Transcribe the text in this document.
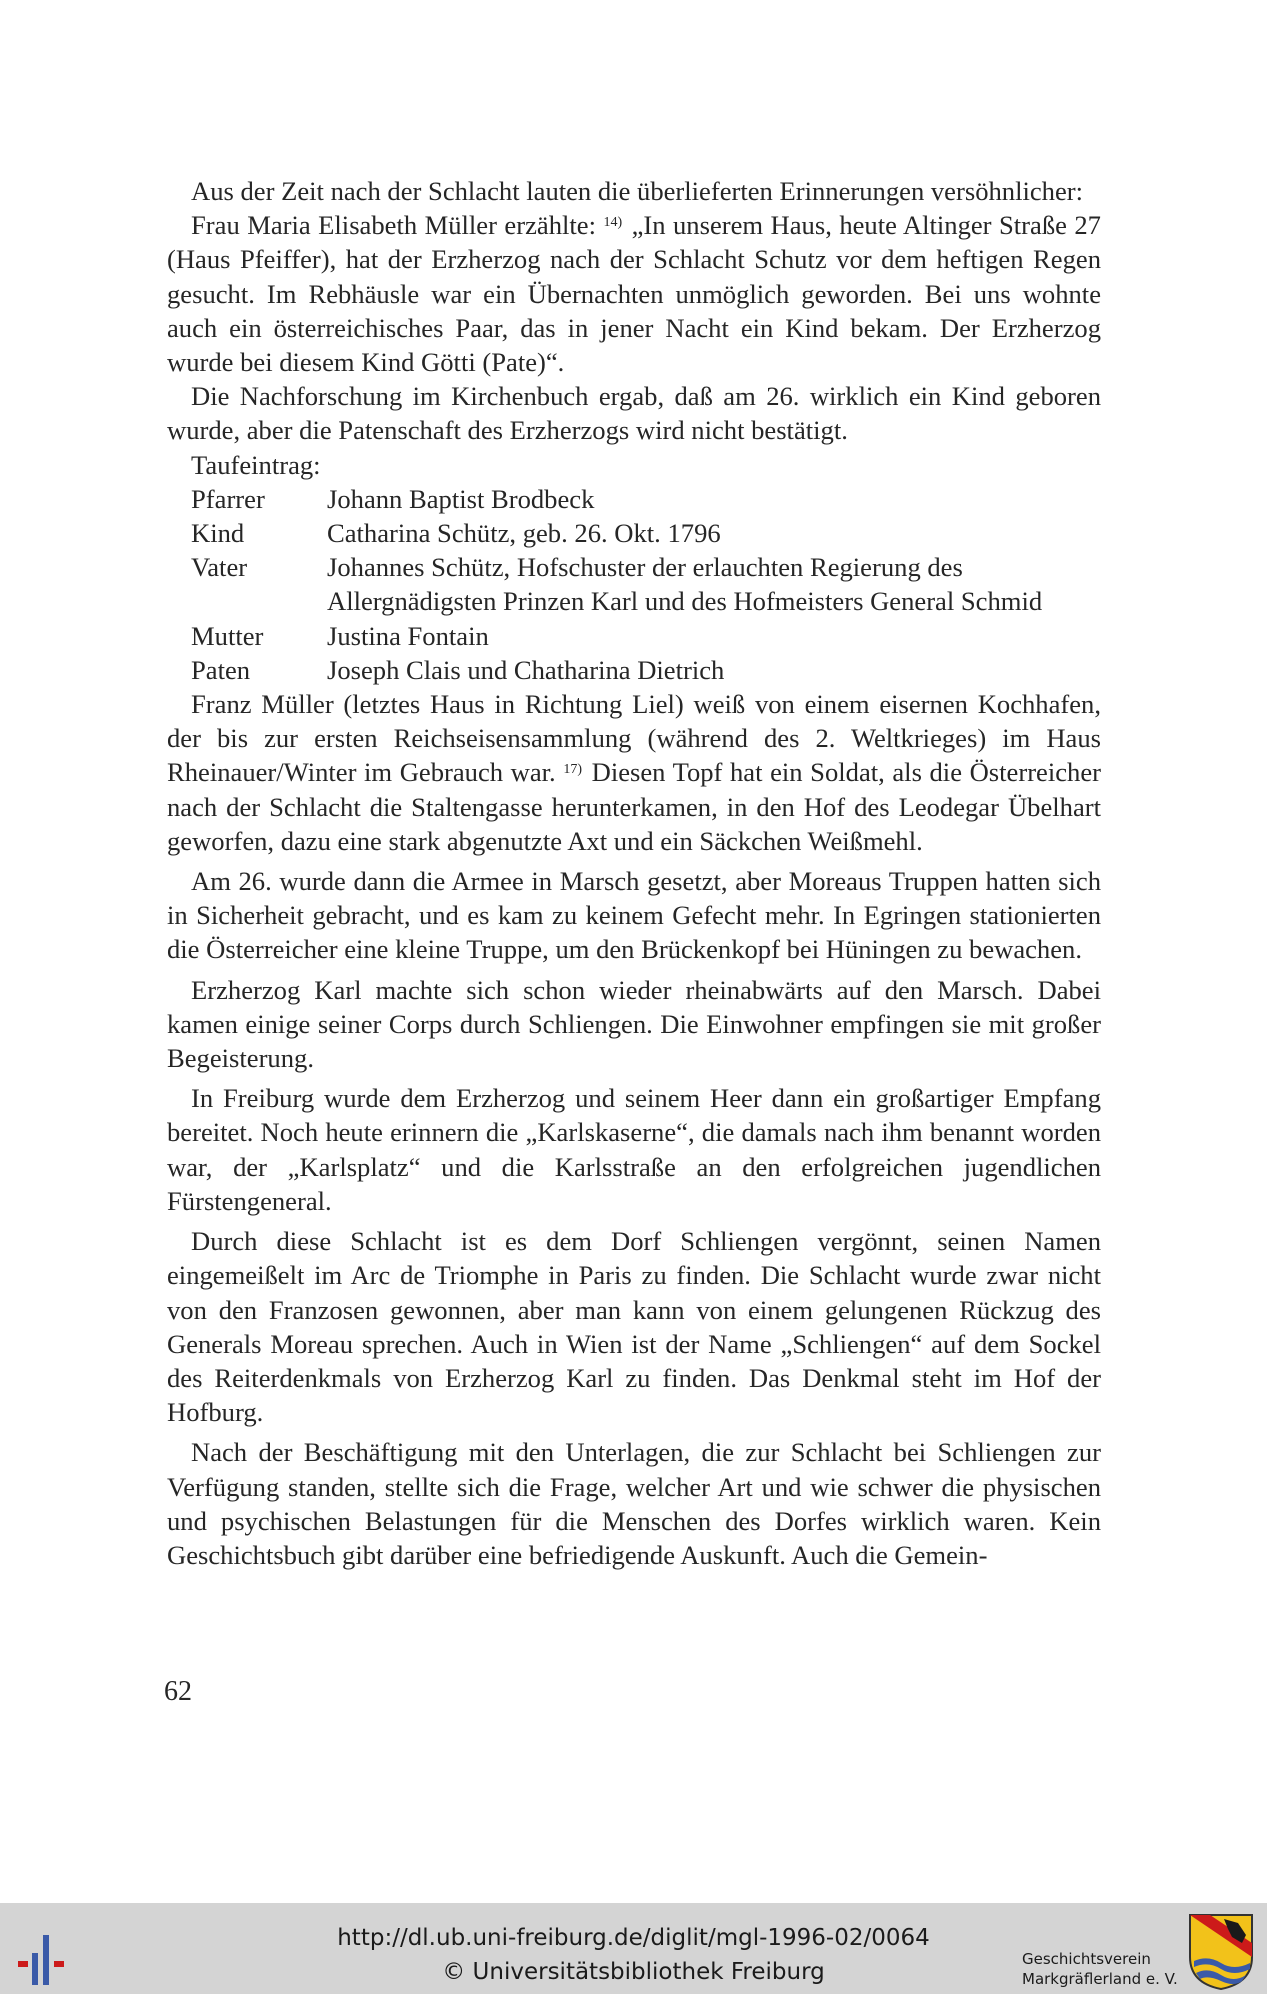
Aus der Zeit nach der Schlacht lauten die überlieferten Erinnerungen versöhnlicher:

Frau Maria Elisabeth Müller erzählte: $^{14)}$ „In unserem Haus, heute Altinger Straße 27 (Haus Pfeiffer), hat der Erzherzog nach der Schlacht Schutz vor dem heftigen Regen gesucht. Im Rebhäusle war ein Übernachten unmöglich geworden. Bei uns wohnte auch ein österreichisches Paar, das in jener Nacht ein Kind bekam. Der Erzherzog wurde bei diesem Kind Götti (Pate)“.

Die Nachforschung im Kirchenbuch ergab, daß am 26. wirklich ein Kind geboren wurde, aber die Patenschaft des Erzherzogs wird nicht bestätigt.

Taufeintrag:

Pfarrer	Johann Baptist Brodbeck
Kind	Catharina Schütz, geb. 26. Okt. 1796
Vater	Johannes Schütz, Hofschuster der erlauchten Regierung des Allergnädigsten Prinzen Karl und des Hofmeisters General Schmid
Mutter	Justina Fontain
Paten	Joseph Clais und Chatharina Dietrich

Franz Müller (letztes Haus in Richtung Liel) weiß von einem eisernen Kochhafen, der bis zur ersten Reichseisensammlung (während des 2. Weltkrieges) im Haus Rheinauer/Winter im Gebrauch war. $^{17)}$ Diesen Topf hat ein Soldat, als die Österreicher nach der Schlacht die Staltengasse herunterkamen, in den Hof des Leodegar Übelhart geworfen, dazu eine stark abgenutzte Axt und ein Säckchen Weißmehl.

Am 26. wurde dann die Armee in Marsch gesetzt, aber Moreaus Truppen hatten sich in Sicherheit gebracht, und es kam zu keinem Gefecht mehr. In Egringen stationierten die Österreicher eine kleine Truppe, um den Brückenkopf bei Hüningen zu bewachen.

Erzherzog Karl machte sich schon wieder rheinabwärts auf den Marsch. Dabei kamen einige seiner Corps durch Schliengen. Die Einwohner empfingen sie mit großer Begeisterung.

In Freiburg wurde dem Erzherzog und seinem Heer dann ein großartiger Empfang bereitet. Noch heute erinnern die „Karlskaserne“, die damals nach ihm benannt worden war, der „Karlsplatz“ und die Karlsstraße an den erfolgreichen jugendlichen Fürstengeneral.

Durch diese Schlacht ist es dem Dorf Schliengen vergönnt, seinen Namen eingemeißelt im Arc de Triomphe in Paris zu finden. Die Schlacht wurde zwar nicht von den Franzosen gewonnen, aber man kann von einem gelungenen Rückzug des Generals Moreau sprechen. Auch in Wien ist der Name „Schliengen“ auf dem Sockel des Reiterdenkmals von Erzherzog Karl zu finden. Das Denkmal steht im Hof der Hofburg.

Nach der Beschäftigung mit den Unterlagen, die zur Schlacht bei Schliengen zur Verfügung standen, stellte sich die Frage, welcher Art und wie schwer die physischen und psychischen Belastungen für die Menschen des Dorfes wirklich waren. Kein Geschichtsbuch gibt darüber eine befriedigende Auskunft. Auch die Gemein-

62
http://dl.ub.uni-freiburg.de/diglit/mgl-1996-02/0064
© Universitätsbibliothek Freiburg	Geschichtsverein
Markgräflerland e. V.
